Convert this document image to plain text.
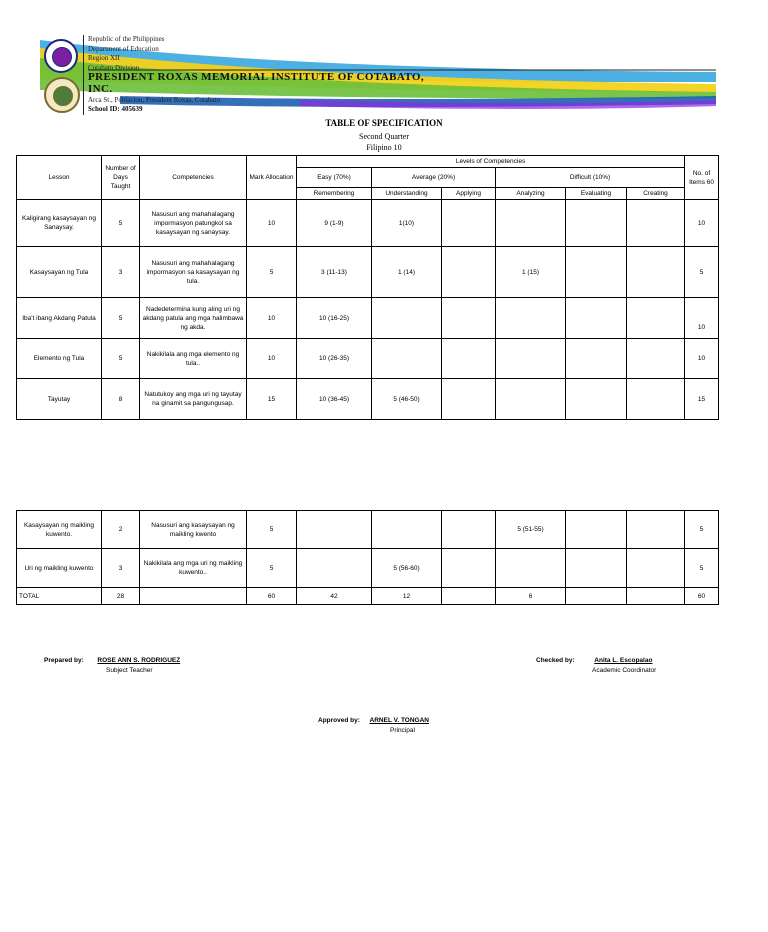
Republic of the Philippines
Department of Education
Region XII
Cotabato Division
PRESIDENT ROXAS MEMORIAL INSTITUTE OF COTABATO,
INC.
Arca St., Poblacion, President Roxas, Cotabato
School ID: 405639
TABLE OF SPECIFICATION
Second Quarter
Filipino 10
Lesson	Number of Days Taught	Competencies	Mark Allocation	Levels of Competencies						No. of Items 60
				Easy (70%)	Average (20%)		Difficult (10%)			
				Remembering	Understanding	Applying	Analyzing	Evaluating	Creating	
Kaligirang kasaysayan ng Sanaysay.	5	Nasusuri ang mahahalagang impormasyon patungkol sa kasaysayan ng sanaysay.	10	9 (1-9)	1(10)					10
Kasaysayan ng Tula	3	Nasusuri ang mahahalagang impormasyon sa kasaysayan ng tula.	5	3 (11-13)	1 (14)		1 (15)			5
Iba't ibang Akdang Patula	5	Nadedetermina kung aling uri ng akdang patula ang mga halimbawa ng akda.	10	10 (16-25)						10
Elemento ng Tula	5	Nakikilala ang mga elemento ng tula..	10	10 (26-35)						10
Tayutay	8	Natutukoy ang mga uri ng tayutay na ginamit sa pangungusap.	15	10 (36-45)	5 (46-50)					15
Kasaysayan ng maikling kuwento.	2	Nasusuri ang kasaysayan ng maikling kwento	5				5 (51-55)			5
Uri ng maikling kuwento	3	Nakikilala ang mga uri ng maikling kuwento..	5		5 (56-60)					5
TOTAL	28		60	42	12		6			60
Prepared by: ROSE ANN S. RODRIGUEZ
Subject Teacher
Checked by:	Anita L. Escopalao
Academic Coordinator
Approved by: ARNEL V. TONGAN
Principal
